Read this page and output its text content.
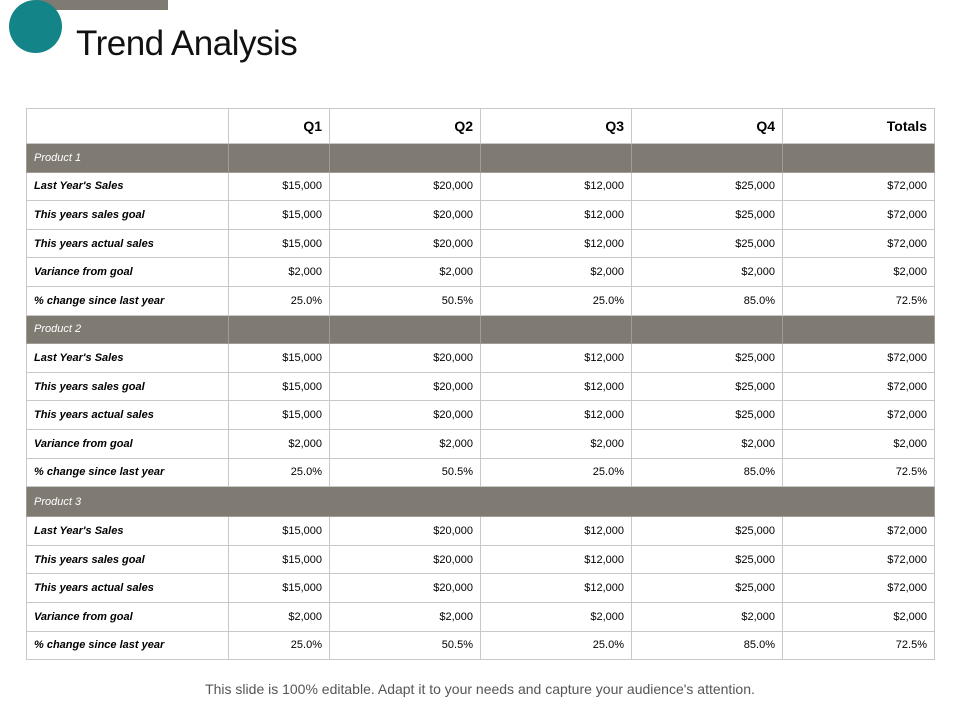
Trend Analysis
	Q1	Q2	Q3	Q4	Totals
Product 1					
Last Year's Sales	$15,000	$20,000	$12,000	$25,000	$72,000
This years sales goal	$15,000	$20,000	$12,000	$25,000	$72,000
This years actual sales	$15,000	$20,000	$12,000	$25,000	$72,000
Variance from goal	$2,000	$2,000	$2,000	$2,000	$2,000
% change since last year	25.0%	50.5%	25.0%	85.0%	72.5%
Product 2					
Last Year's Sales	$15,000	$20,000	$12,000	$25,000	$72,000
This years sales goal	$15,000	$20,000	$12,000	$25,000	$72,000
This years actual sales	$15,000	$20,000	$12,000	$25,000	$72,000
Variance from goal	$2,000	$2,000	$2,000	$2,000	$2,000
% change since last year	25.0%	50.5%	25.0%	85.0%	72.5%
Product 3					
Last Year's Sales	$15,000	$20,000	$12,000	$25,000	$72,000
This years sales goal	$15,000	$20,000	$12,000	$25,000	$72,000
This years actual sales	$15,000	$20,000	$12,000	$25,000	$72,000
Variance from goal	$2,000	$2,000	$2,000	$2,000	$2,000
% change since last year	25.0%	50.5%	25.0%	85.0%	72.5%
This slide is 100% editable. Adapt it to your needs and capture your audience's attention.
